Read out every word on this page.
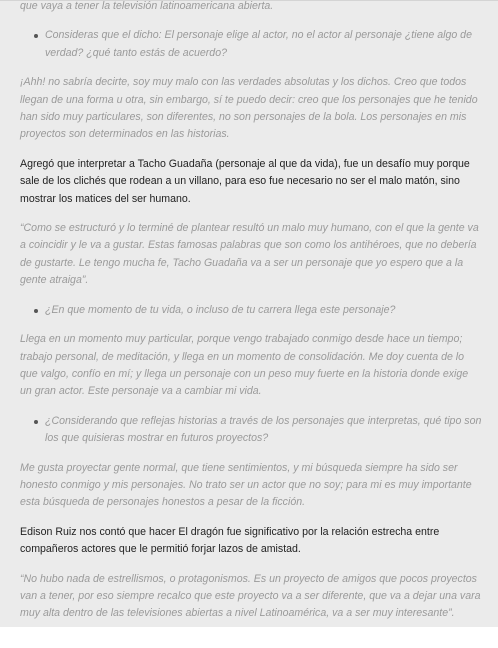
que vaya a tener la televisión latinoamericana abierta.

Consideras que el dicho: El personaje elige al actor, no el actor al personaje ¿tiene algo de verdad? ¿qué tanto estás de acuerdo?

¡Ahh! no sabría decirte, soy muy malo con las verdades absolutas y los dichos. Creo que todos llegan de una forma u otra, sin embargo, sí te puedo decir: creo que los personajes que he tenido han sido muy particulares, son diferentes, no son personajes de la bola. Los personajes en mis proyectos son determinados en las historias.

Agregó que interpretar a Tacho Guadaña (personaje al que da vida), fue un desafío muy porque sale de los clichés que rodean a un villano, para eso fue necesario no ser el malo matón, sino mostrar los matices del ser humano.

“Como se estructuró y lo terminé de plantear resultó un malo muy humano, con el que la gente va a coincidir y le va a gustar. Estas famosas palabras que son como los antihéroes, que no debería de gustarte. Le tengo mucha fe, Tacho Guadaña va a ser un personaje que yo espero que a la gente atraiga”.

¿En que momento de tu vida, o incluso de tu carrera llega este personaje?

Llega en un momento muy particular, porque vengo trabajado conmigo desde hace un tiempo; trabajo personal, de meditación, y llega en un momento de consolidación. Me doy cuenta de lo que valgo, confío en mí; y llega un personaje con un peso muy fuerte en la historia donde exige un gran actor. Este personaje va a cambiar mi vida.

¿Considerando que reflejas historias a través de los personajes que interpretas, qué tipo son los que quisieras mostrar en futuros proyectos?

Me gusta proyectar gente normal, que tiene sentimientos, y mi búsqueda siempre ha sido ser honesto conmigo y mis personajes. No trato ser un actor que no soy; para mi es muy importante esta búsqueda de personajes honestos a pesar de la ficción.

Edison Ruiz nos contó que hacer El dragón fue significativo por la relación estrecha entre compañeros actores que le permitió forjar lazos de amistad.

“No hubo nada de estrellismos, o protagonismos. Es un proyecto de amigos que pocos proyectos van a tener, por eso siempre recalco que este proyecto va a ser diferente, que va a dejar una vara muy alta dentro de las televisiones abiertas a nivel Latinoamérica, va a ser muy interesante”.
